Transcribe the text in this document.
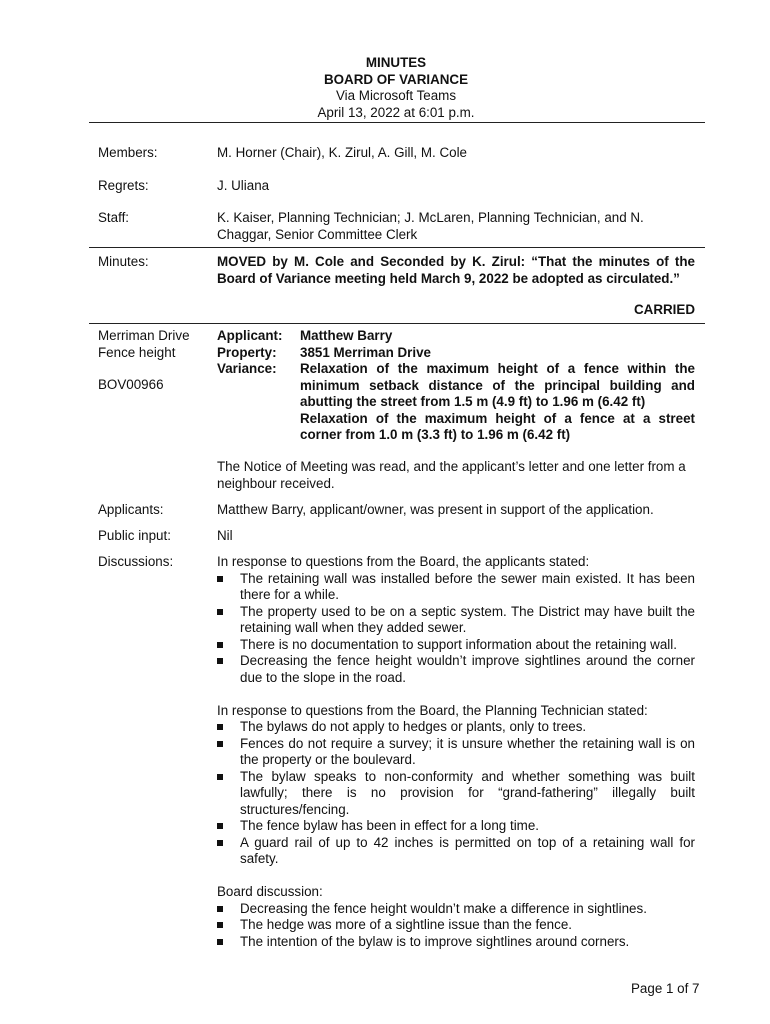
MINUTES
BOARD OF VARIANCE
Via Microsoft Teams
April 13, 2022 at 6:01 p.m.
Members:	M. Horner (Chair), K. Zirul, A. Gill, M. Cole
Regrets:	J. Uliana
Staff:	K. Kaiser, Planning Technician; J. McLaren, Planning Technician, and N. Chaggar, Senior Committee Clerk
Minutes:	MOVED by M. Cole and Seconded by K. Zirul: “That the minutes of the Board of Variance meeting held March 9, 2022 be adopted as circulated.”
CARRIED
Merriman Drive
Fence height
BOV00966
Applicant:	Matthew Barry
Property:	3851 Merriman Drive
Variance:	Relaxation of the maximum height of a fence within the minimum setback distance of the principal building and abutting the street from 1.5 m (4.9 ft) to 1.96 m (6.42 ft)
Relaxation of the maximum height of a fence at a street corner from 1.0 m (3.3 ft) to 1.96 m (6.42 ft)
The Notice of Meeting was read, and the applicant’s letter and one letter from a neighbour received.
Applicants:	Matthew Barry, applicant/owner, was present in support of the application.
Public input:	Nil
Discussions:	In response to questions from the Board, the applicants stated:
The retaining wall was installed before the sewer main existed. It has been there for a while.
The property used to be on a septic system. The District may have built the retaining wall when they added sewer.
There is no documentation to support information about the retaining wall.
Decreasing the fence height wouldn’t improve sightlines around the corner due to the slope in the road.
In response to questions from the Board, the Planning Technician stated:
The bylaws do not apply to hedges or plants, only to trees.
Fences do not require a survey; it is unsure whether the retaining wall is on the property or the boulevard.
The bylaw speaks to non-conformity and whether something was built lawfully; there is no provision for “grand-fathering” illegally built structures/fencing.
The fence bylaw has been in effect for a long time.
A guard rail of up to 42 inches is permitted on top of a retaining wall for safety.
Board discussion:
Decreasing the fence height wouldn’t make a difference in sightlines.
The hedge was more of a sightline issue than the fence.
The intention of the bylaw is to improve sightlines around corners.
Page 1 of 7
